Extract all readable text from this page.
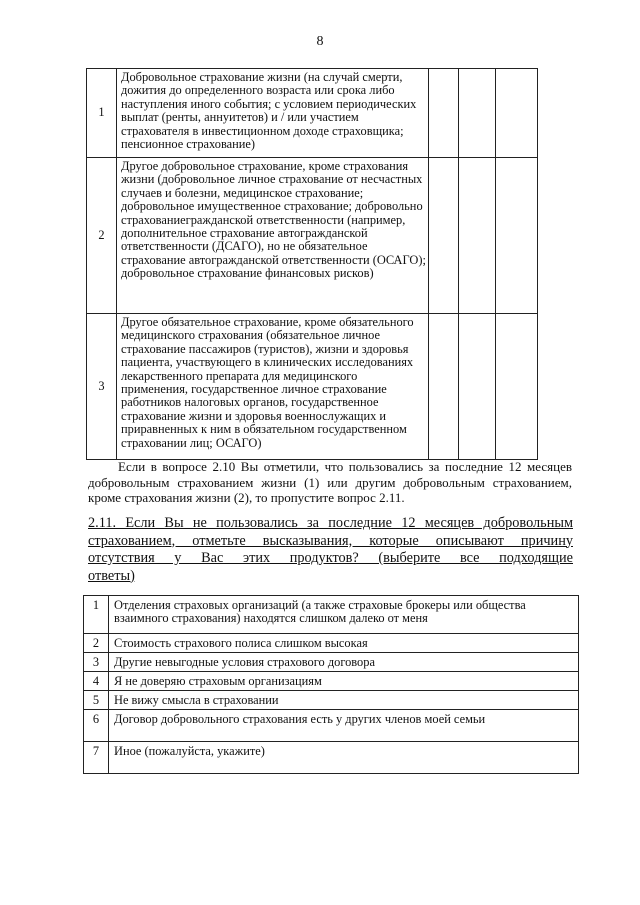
8
1	Добровольное страхование жизни (на случай смерти, дожития до определенного возраста или срока либо наступления иного события; с условием периодических выплат (ренты, аннуитетов) и / или участием страхователя в инвестиционном доходе страховщика; пенсионное страхование)			
2	Другое добровольное страхование, кроме страхования жизни (добровольное личное страхование от несчастных случаев и болезни, медицинское страхование; добровольное имущественное страхование; добровольно страхованиегражданской ответственности (например, дополнительное страхование автогражданской ответственности (ДСАГО), но не обязательное страхование автогражданской ответственности (ОСАГО); добровольное страхование финансовых рисков)			
3	Другое обязательное страхование, кроме обязательного медицинского страхования (обязательное личное страхование пассажиров (туристов), жизни и здоровья пациента, участвующего в клинических исследованиях лекарственного препарата для медицинского применения, государственное личное страхование работников налоговых органов, государственное страхование жизни и здоровья военнослужащих и приравненных к ним в обязательном государственном страховании лиц; ОСАГО)			
Если в вопросе 2.10 Вы отметили, что пользовались за последние 12 месяцев добровольным страхованием жизни (1) или другим добровольным страхованием, кроме страхования жизни (2), то пропустите вопрос 2.11.
2.11. Если Вы не пользовались за последние 12 месяцев добровольным страхованием, отметьте высказывания, которые описывают причину отсутствия у Вас этих продуктов? (выберите все подходящие
ответы)
1	Отделения страховых организаций (а также страховые брокеры или общества взаимного страхования) находятся слишком далеко от меня
2	Стоимость страхового полиса слишком высокая
3	Другие невыгодные условия страхового договора
4	Я не доверяю страховым организациям
5	Не вижу смысла в страховании
6	Договор добровольного страхования есть у других членов моей семьи
7	Иное (пожалуйста, укажите)
